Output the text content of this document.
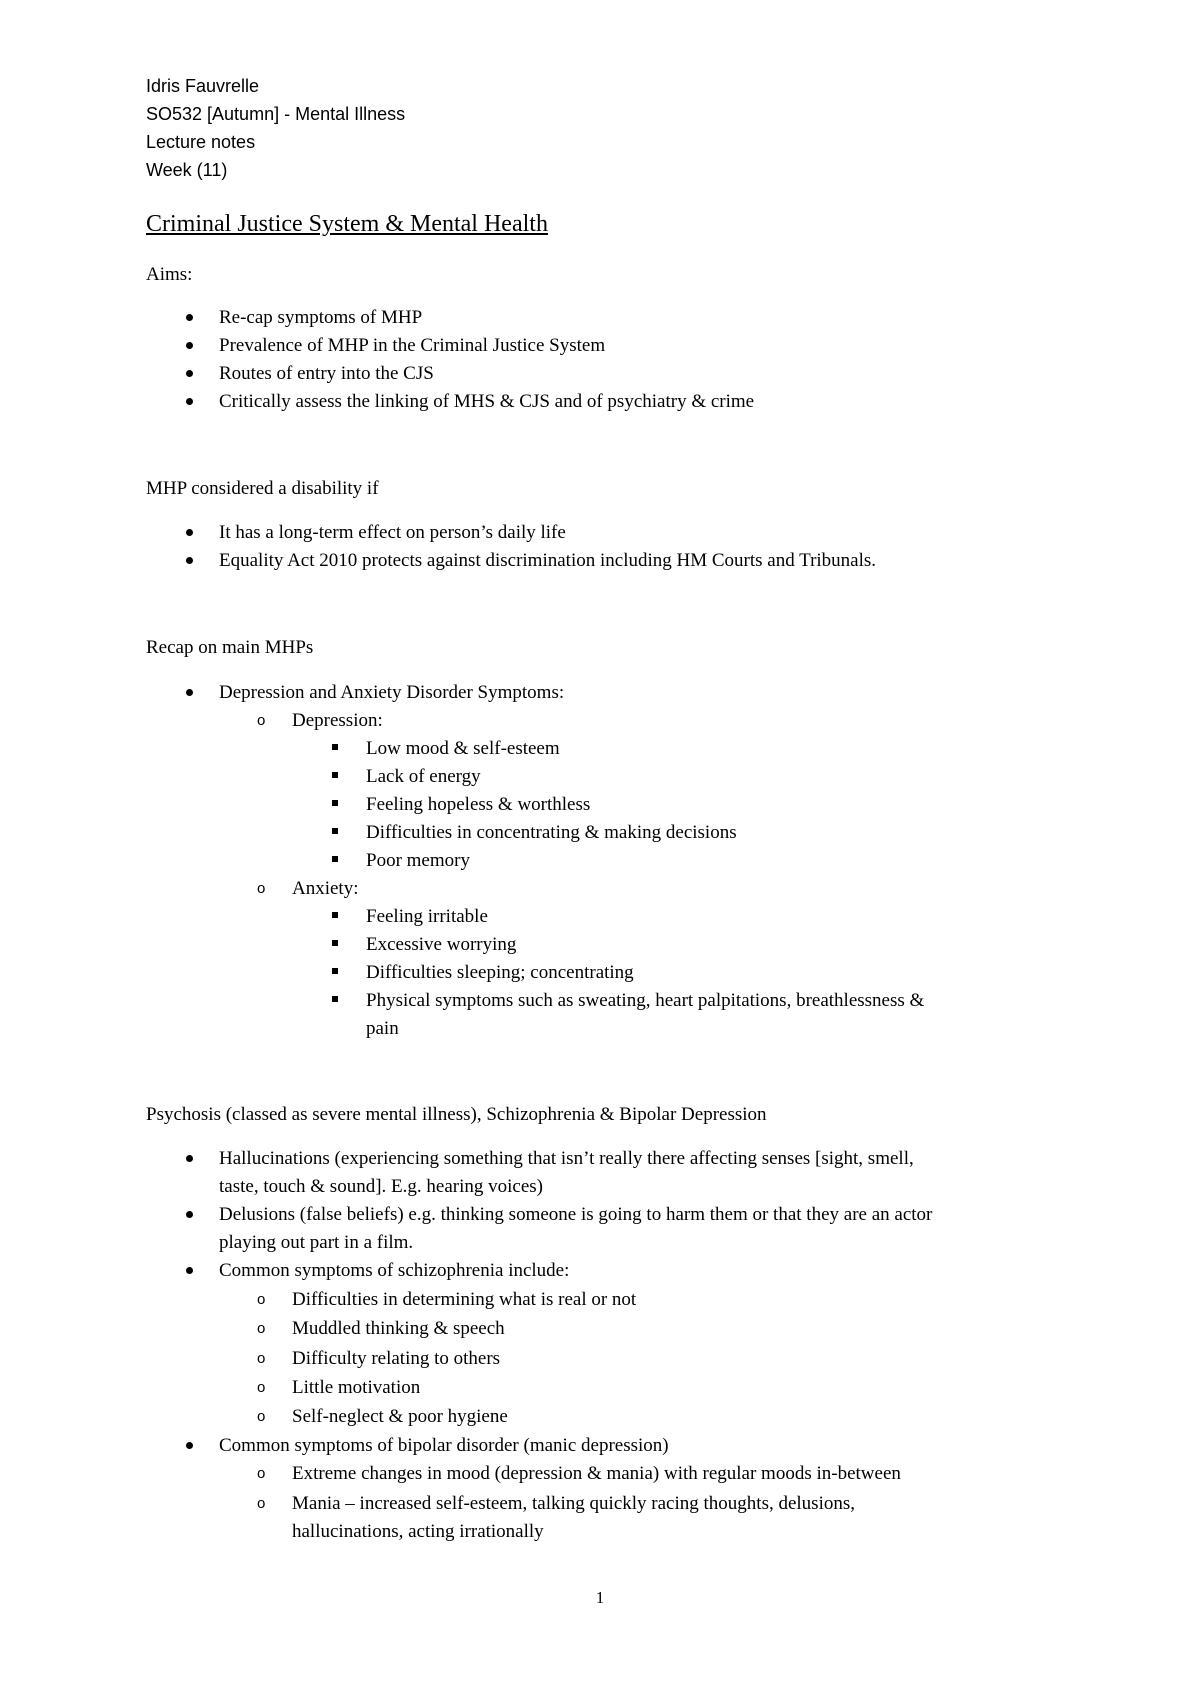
Idris Fauvrelle
SO532 [Autumn] - Mental Illness
Lecture notes
Week (11)
Criminal Justice System & Mental Health
Aims:
Re-cap symptoms of MHP
Prevalence of MHP in the Criminal Justice System
Routes of entry into the CJS
Critically assess the linking of MHS & CJS and of psychiatry & crime
MHP considered a disability if
It has a long-term effect on person’s daily life
Equality Act 2010 protects against discrimination including HM Courts and Tribunals.
Recap on main MHPs
Depression and Anxiety Disorder Symptoms:
o Depression:
Low mood & self-esteem
Lack of energy
Feeling hopeless & worthless
Difficulties in concentrating & making decisions
Poor memory
o Anxiety:
Feeling irritable
Excessive worrying
Difficulties sleeping; concentrating
Physical symptoms such as sweating, heart palpitations, breathlessness &
pain
Psychosis (classed as severe mental illness), Schizophrenia & Bipolar Depression
Hallucinations (experiencing something that isn’t really there affecting senses [sight, smell,
taste, touch & sound]. E.g. hearing voices)
Delusions (false beliefs) e.g. thinking someone is going to harm them or that they are an actor
playing out part in a film.
Common symptoms of schizophrenia include:
o Difficulties in determining what is real or not
o Muddled thinking & speech
o Difficulty relating to others
o Little motivation
o Self-neglect & poor hygiene
Common symptoms of bipolar disorder (manic depression)
o Extreme changes in mood (depression & mania) with regular moods in-between
o Mania – increased self-esteem, talking quickly racing thoughts, delusions,
hallucinations, acting irrationally
1
